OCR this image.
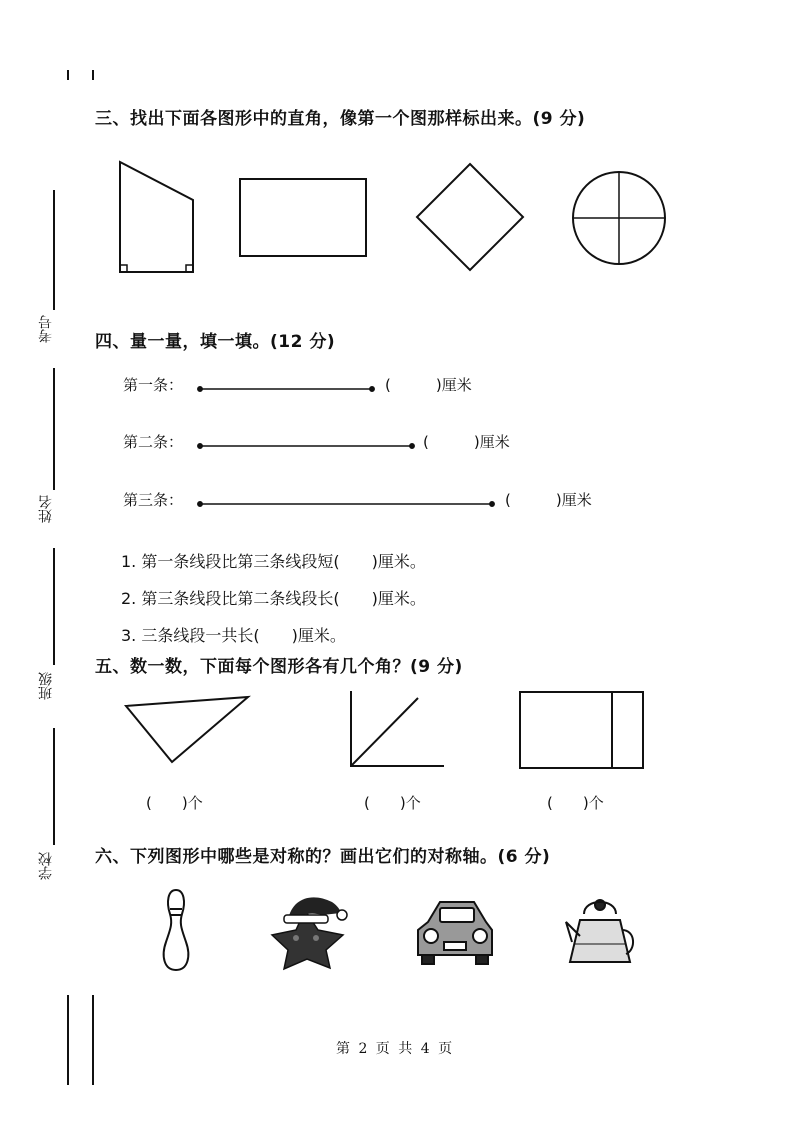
考号
姓名
班级
学校
三、找出下面各图形中的直角，像第一个图那样标出来。(9 分)
四、量一量，填一填。(12 分)
第一条：	(　　　)厘米
第二条：	(　　　)厘米
第三条：	(　　　)厘米
1. 第一条线段比第三条线段短(　　)厘米。
2. 第三条线段比第二条线段长(　　)厘米。
3. 三条线段一共长(　　)厘米。
五、数一数，下面每个图形各有几个角？(9 分)
(　　)个	(　　)个	(　　)个
六、下列图形中哪些是对称的？画出它们的对称轴。(6 分)
第 2 页 共 4 页
